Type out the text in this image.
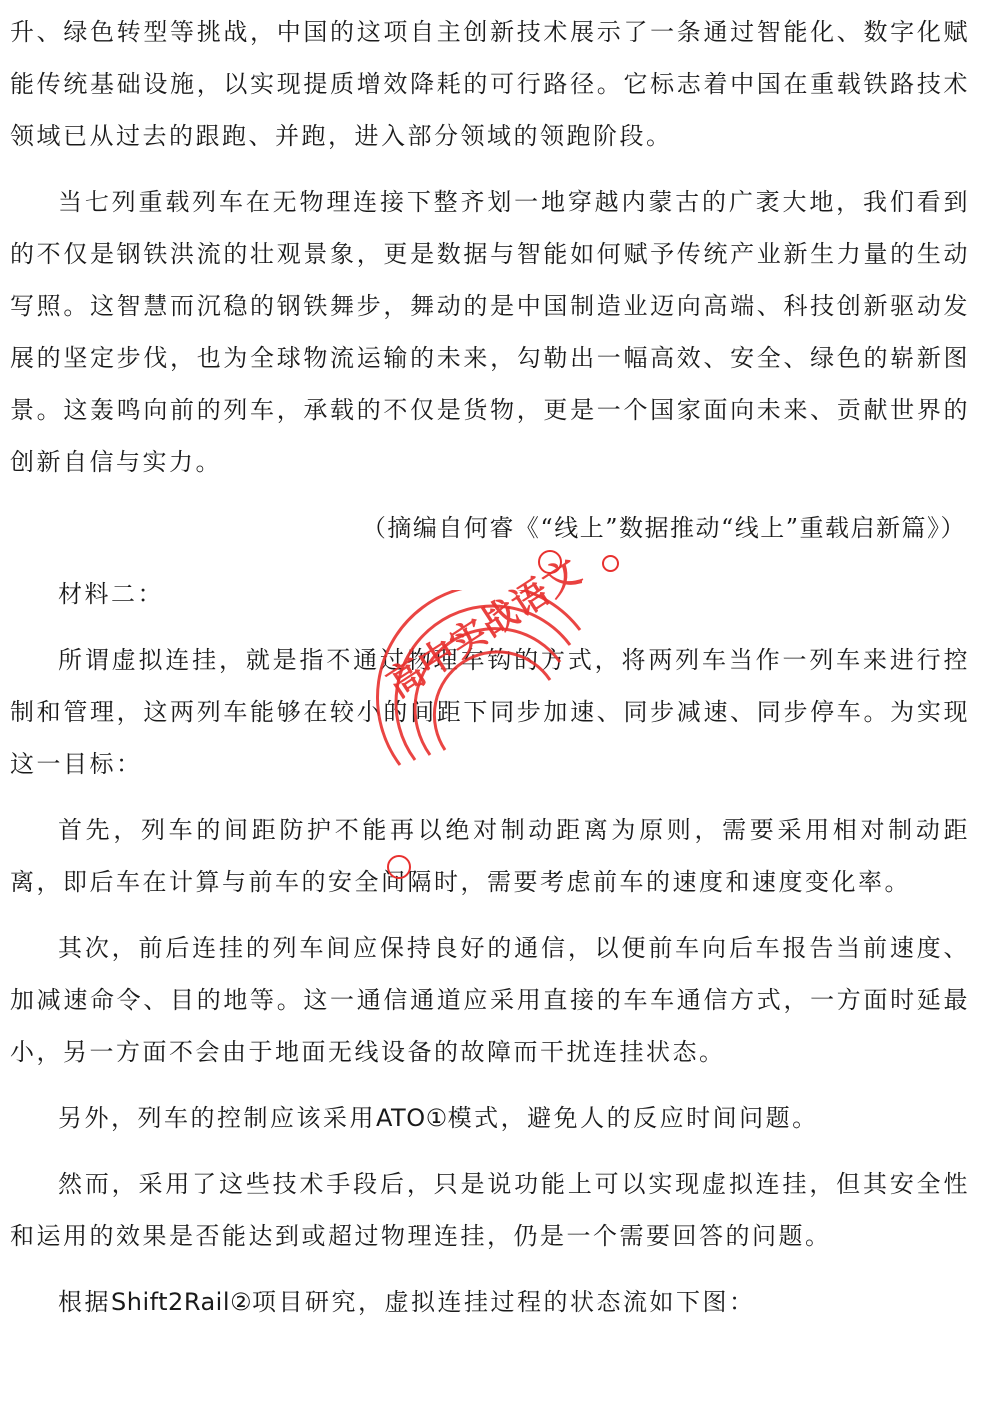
升、绿色转型等挑战，中国的这项自主创新技术展示了一条通过智能化、数字化赋能传统基础设施，以实现提质增效降耗的可行路径。它标志着中国在重载铁路技术领域已从过去的跟跑、并跑，进入部分领域的领跑阶段。

当七列重载列车在无物理连接下整齐划一地穿越内蒙古的广袤大地，我们看到的不仅是钢铁洪流的壮观景象，更是数据与智能如何赋予传统产业新生力量的生动写照。这智慧而沉稳的钢铁舞步，舞动的是中国制造业迈向高端、科技创新驱动发展的坚定步伐，也为全球物流运输的未来，勾勒出一幅高效、安全、绿色的崭新图景。这轰鸣向前的列车，承载的不仅是货物，更是一个国家面向未来、贡献世界的创新自信与实力。

（摘编自何睿《“线上”数据推动“线上”重载启新篇》）

材料二：

所谓虚拟连挂，就是指不通过物理车钩的方式，将两列车当作一列车来进行控制和管理，这两列车能够在较小的间距下同步加速、同步减速、同步停车。为实现这一目标：

首先，列车的间距防护不能再以绝对制动距离为原则，需要采用相对制动距离，即后车在计算与前车的安全间隔时，需要考虑前车的速度和速度变化率。

其次，前后连挂的列车间应保持良好的通信，以便前车向后车报告当前速度、加减速命令、目的地等。这一通信通道应采用直接的车车通信方式，一方面时延最小，另一方面不会由于地面无线设备的故障而干扰连挂状态。

另外，列车的控制应该采用ATO①模式，避免人的反应时间问题。

然而，采用了这些技术手段后，只是说功能上可以实现虚拟连挂，但其安全性和运用的效果是否能达到或超过物理连挂，仍是一个需要回答的问题。

根据Shift2Rail②项目研究，虚拟连挂过程的状态流如下图：

高中实战语文
